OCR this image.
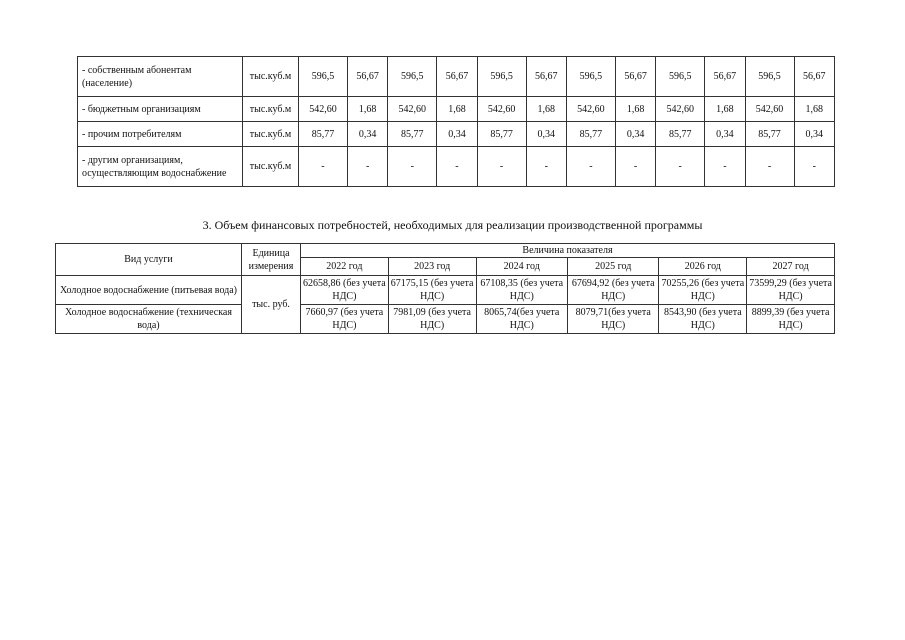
	- собственным абонентам (население)	тыс.куб.м	596,5	56,67	596,5	56,67	596,5	56,67	596,5	56,67	596,5	56,67	596,5	56,67
	- бюджетным организациям	тыс.куб.м	542,60	1,68	542,60	1,68	542,60	1,68	542,60	1,68	542,60	1,68	542,60	1,68
	- прочим потребителям	тыс.куб.м	85,77	0,34	85,77	0,34	85,77	0,34	85,77	0,34	85,77	0,34	85,77	0,34
	- другим организациям, осуществляющим водоснабжение	тыс.куб.м	-	-	-	-	-	-	-	-	-	-	-	-
3. Объем финансовых потребностей, необходимых для реализации производственной программы
Вид услуги	Единица измерения	Величина показателя					
		2022 год	2023 год	2024 год	2025 год	2026 год	2027 год
Холодное водоснабжение (питьевая вода)	тыс. руб.	62658,86 (без учета НДС)	67175,15 (без учета НДС)	67108,35 (без учета НДС)	67694,92 (без учета НДС)	70255,26 (без учета НДС)	73599,29 (без учета НДС)
Холодное водоснабжение (техническая вода)		7660,97 (без учета НДС)	7981,09 (без учета НДС)	8065,74(без учета НДС)	8079,71(без учета НДС)	8543,90 (без учета НДС)	8899,39 (без учета НДС)
